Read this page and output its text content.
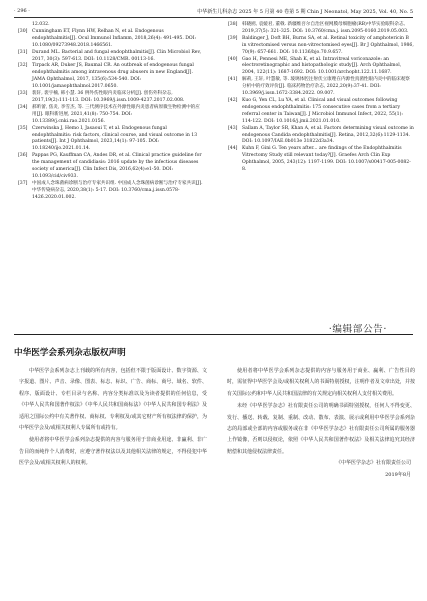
· 296 ·	中华新生儿科杂志 2025 年 5 月第 40 卷第 5 期 Chin J Neonatol, May 2025, Vol. 40, No. 5
12.032.
[30] Cunningham ET, Flynn HW, Relhan N, et al. Endogenous endophthalmitis[J]. Ocul Immunol Inflamm, 2018,26(4): 491-495. DOI: 10.1080/09273948.2018.1466561.
[31] Durand ML. Bacterial and fungal endophthalmitis[J]. Clin Microbiol Rev, 2017, 30(3): 597-613. DOI: 10.1128/CMR. 00113-16.
[32] Tirpack AR, Duker JS, Baumal CR. An outbreak of endogenous fungal endophthalmitis among intravenous drug abusers in new England[J]. JAMA Ophthalmol, 2017, 135(6):534-540. DOI: 10.1001/jamaophthalmol.2017.0650.
[33] 裴轩, 裴宇楠, 韩小慧. 36 例外伤性眼内炎临床分析[J]. 创伤外科杂志, 2017,19(2):111-113. DOI: 10.3969/j.issn.1009-4237.2017.02.008.
[34] 郝昕蕾, 焦炎, 李雪杰, 等. 三代测序技术在外源性眼内炎患者病原微生物检测中的应用[J]. 眼科新进展, 2021,41(8): 750-754. DOI: 10.13389/j.cnki.rao.2021.0156.
[35] Czerwinska J, Hemo I, Jasaoui T, et al. Endogenous fungal endophthalmitis: risk factors, clinical course, and visual outcome in 13 patients[J]. Int J Ophthalmol, 2023,14(1): 97-105. DOI: 10.18240/ijo.2021.01.14.
[36] Pappas PG, Kauffman CA, Andes DR, et al. Clinical practice guideline for the management of candidiasis: 2016 update by the infectious diseases society of america[J]. Clin Infect Dis, 2016,62(4):e1-50. DOI: 10.1093/cid/civ933.
[37] 中国成人念珠菌病诊断与治疗专家共识组. 中国成人念珠菌病诊断与治疗专家共识[J]. 中华传染病杂志, 2020,38(1): 5-17. DOI: 10.3760/cma.j.issn.0578-1426.2020.01.002.
[38] 韩晓鸥, 袁媛君, 董戟. 新疆维吾尔自治区视网膜母细胞瘤(RB)中华实验眼科杂志, 2019,37(5): 321-325. DOI: 10.3760/cma.j. issn.2095-0160.2019.05.003.
[39] Baldinger J, Doft BH, Burns SA, et al. Retinal toxicity of amphotericin B in vitrectomised versus non-vitrectomised eyes[J]. Br J Ophthalmol, 1986, 70(9): 657-661. DOI: 10.1136/bjo.70.9.657.
[40] Gao H, Pennesi ME, Shah K, et al. Intravitreal voriconazole: an electroretinographic and histopathologic study[J]. Arch Ophthalmol, 2004, 122(11): 1687-1692. DOI: 10.1001/archopht.122.11.1687.
[41] 解莉, 王轩, 叶慧敏, 等. 玻璃体腔注射伏立康唑在内源性真菌性眼内炎中的临床观察分析中的疗效评价[J]. 临床药物治疗杂志, 2022,20(9):37-41. DOI: 10.3969/j.issn.1672-3384.2022. 09.007.
[42] Kuo G, Yen CL, Lu YA, et al. Clinical and visual outcomes following endogenous endophthalmitis: 175 consecutive cases from a tertiary referral center in Taiwan[J]. J Microbiol Immunol Infect, 2022, 55(1): 114-122. DOI: 10.1016/j.jmii.2021.01.010.
[43] Sallam A, Taylor SR, Khan A, et al. Factors determining visual outcome in endogenous Candida endophthalmitis[J]. Retina, 2012,32(6):1129-1134. DOI: 10.1097/IAE.0b013e 31822d3a34.
[44] Kuhn F, Gini G. Ten years after... are findings of the Endophthalmitis Vitrectomy Study still relevant today?[J]. Graefes Arch Clin Exp Ophthalmol, 2005, 243(12): 1197-1199. DOI: 10.1007/s00417-005-0082-8.
·编辑部公告·
中华医学会系列杂志版权声明

中华医学会系列杂志上刊载的所有内容，包括但不限于版面设计、数字资源、文字报道、图片、声音、录像、图表、标志、标识、广告、商标、商号、域名、软件、程序、版面设计、专栏目录与名称、内容分类标准以及为读者提供的任何信息，受《中华人民共和国著作权法》《中华人民共和国商标法》《中华人民共和国专利法》及适用之国际公约中有关著作权、商标权、专利权及/或其它财产所有权法律的保护，为中华医学会及/或相关权利人专属所有或持有。

使用者将中华医学会系列杂志提供的内容与服务用于非商业用途、非赢利、非广告目的而纯作个人消费时，应遵守著作权法以及其他相关法律的规定，不得侵犯中华医学会及/或相关权利人的权利。

使用者将中华医学会系列杂志提供的内容与服务用于商业、赢利、广告性目的时，需征得中华医学会及/或相关权利人的书面特别授权，注明作者及文章出处，并按有关国际公约和中华人民共和国法律的有关规定向相关权利人支付相关费用。

未经《中华医学杂志》社有限责任公司的明确书面特别授权，任何人不得变更、发行、播送、转载、复制、重制、改动、散布、表演、展示或利用中华医学会系列杂志的局部或全部的内容或服务或在非《中华医学杂志》社有限责任公司所属的服务器上作镜像，否则以侵权论，依照《中华人民共和国著作权法》及相关法律追究其经济赔偿和其他侵权法律责任。

《中华医学杂志》社有限责任公司
2019年8月
